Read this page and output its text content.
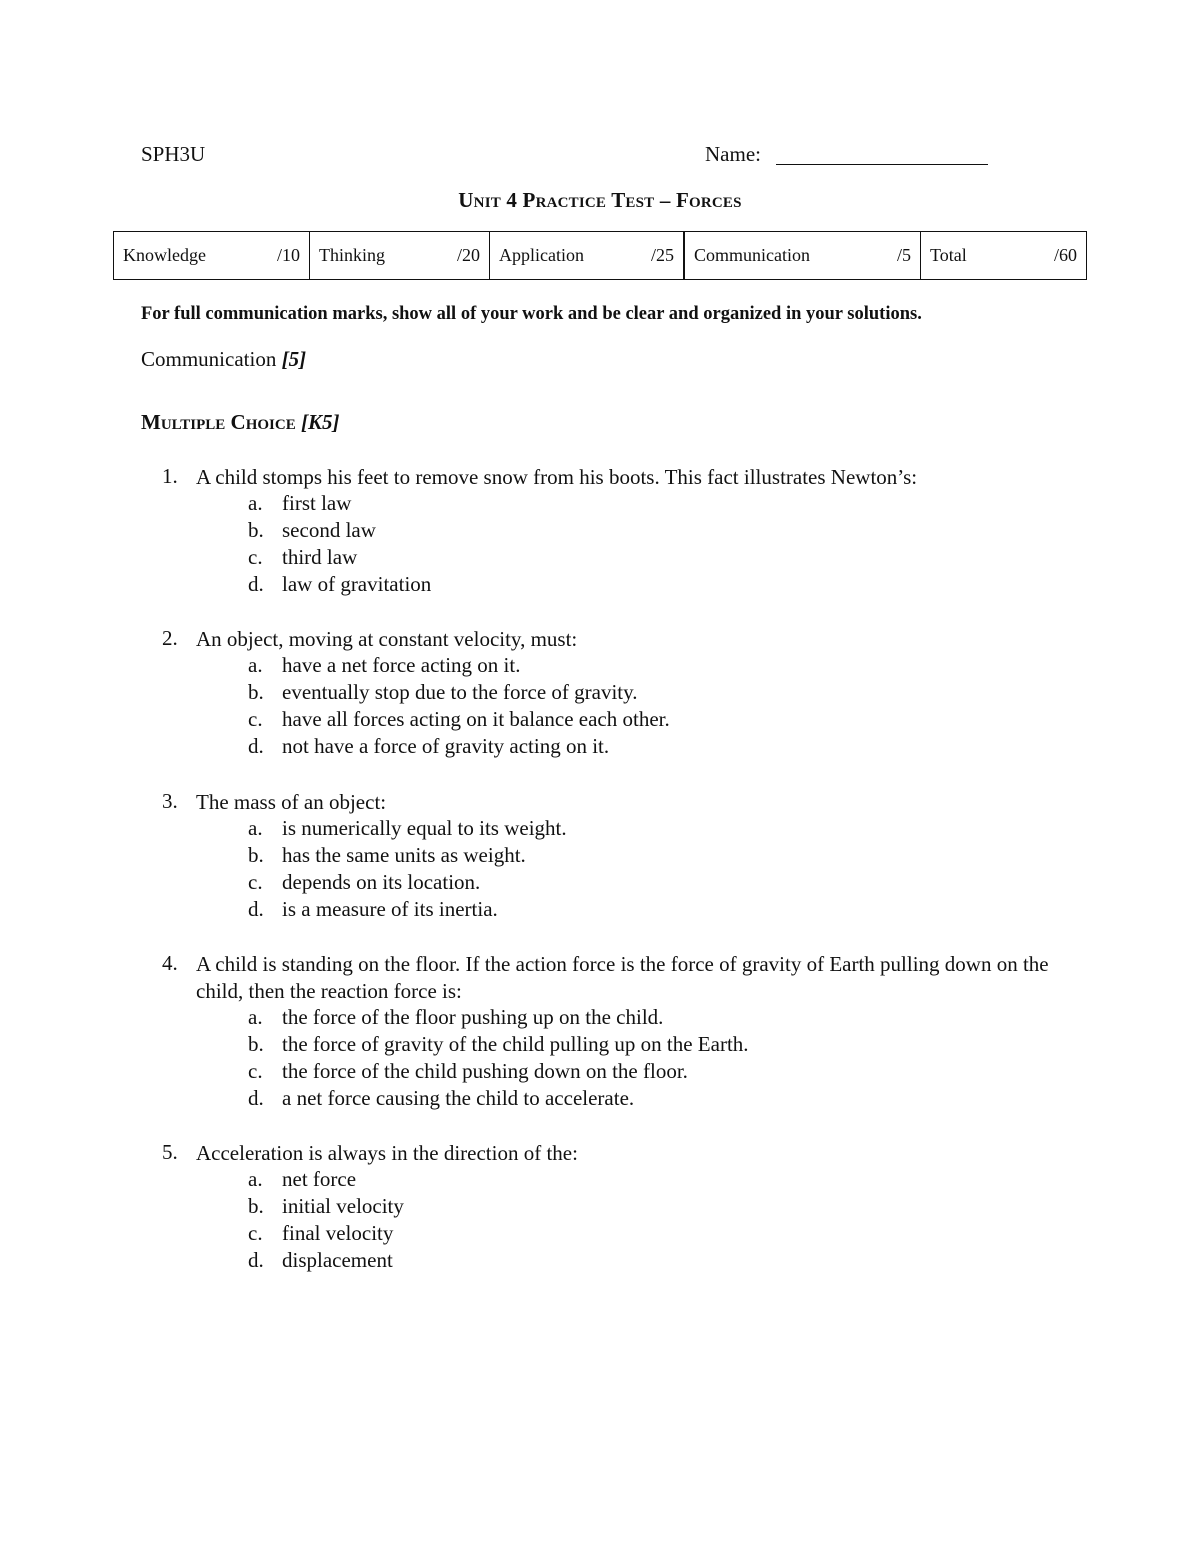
SPH3U	Name:
Unit 4 Practice Test – Forces
Knowledge	/10 Thinking	/20 Application	/25 Communication	/5 Total	/60
For full communication marks, show all of your work and be clear and organized in your solutions.
Communication [5]
Multiple Choice [K5]
1. A child stomps his feet to remove snow from his boots. This fact illustrates Newton’s:
a. first law
b. second law
c. third law
d. law of gravitation
2. An object, moving at constant velocity, must:
a. have a net force acting on it.
b. eventually stop due to the force of gravity.
c. have all forces acting on it balance each other.
d. not have a force of gravity acting on it.
3. The mass of an object:
a. is numerically equal to its weight.
b. has the same units as weight.
c. depends on its location.
d. is a measure of its inertia.
4. A child is standing on the floor. If the action force is the force of gravity of Earth pulling down on the child, then the reaction force is:
a. the force of the floor pushing up on the child.
b. the force of gravity of the child pulling up on the Earth.
c. the force of the child pushing down on the floor.
d. a net force causing the child to accelerate.
5. Acceleration is always in the direction of the:
a. net force
b. initial velocity
c. final velocity
d. displacement
